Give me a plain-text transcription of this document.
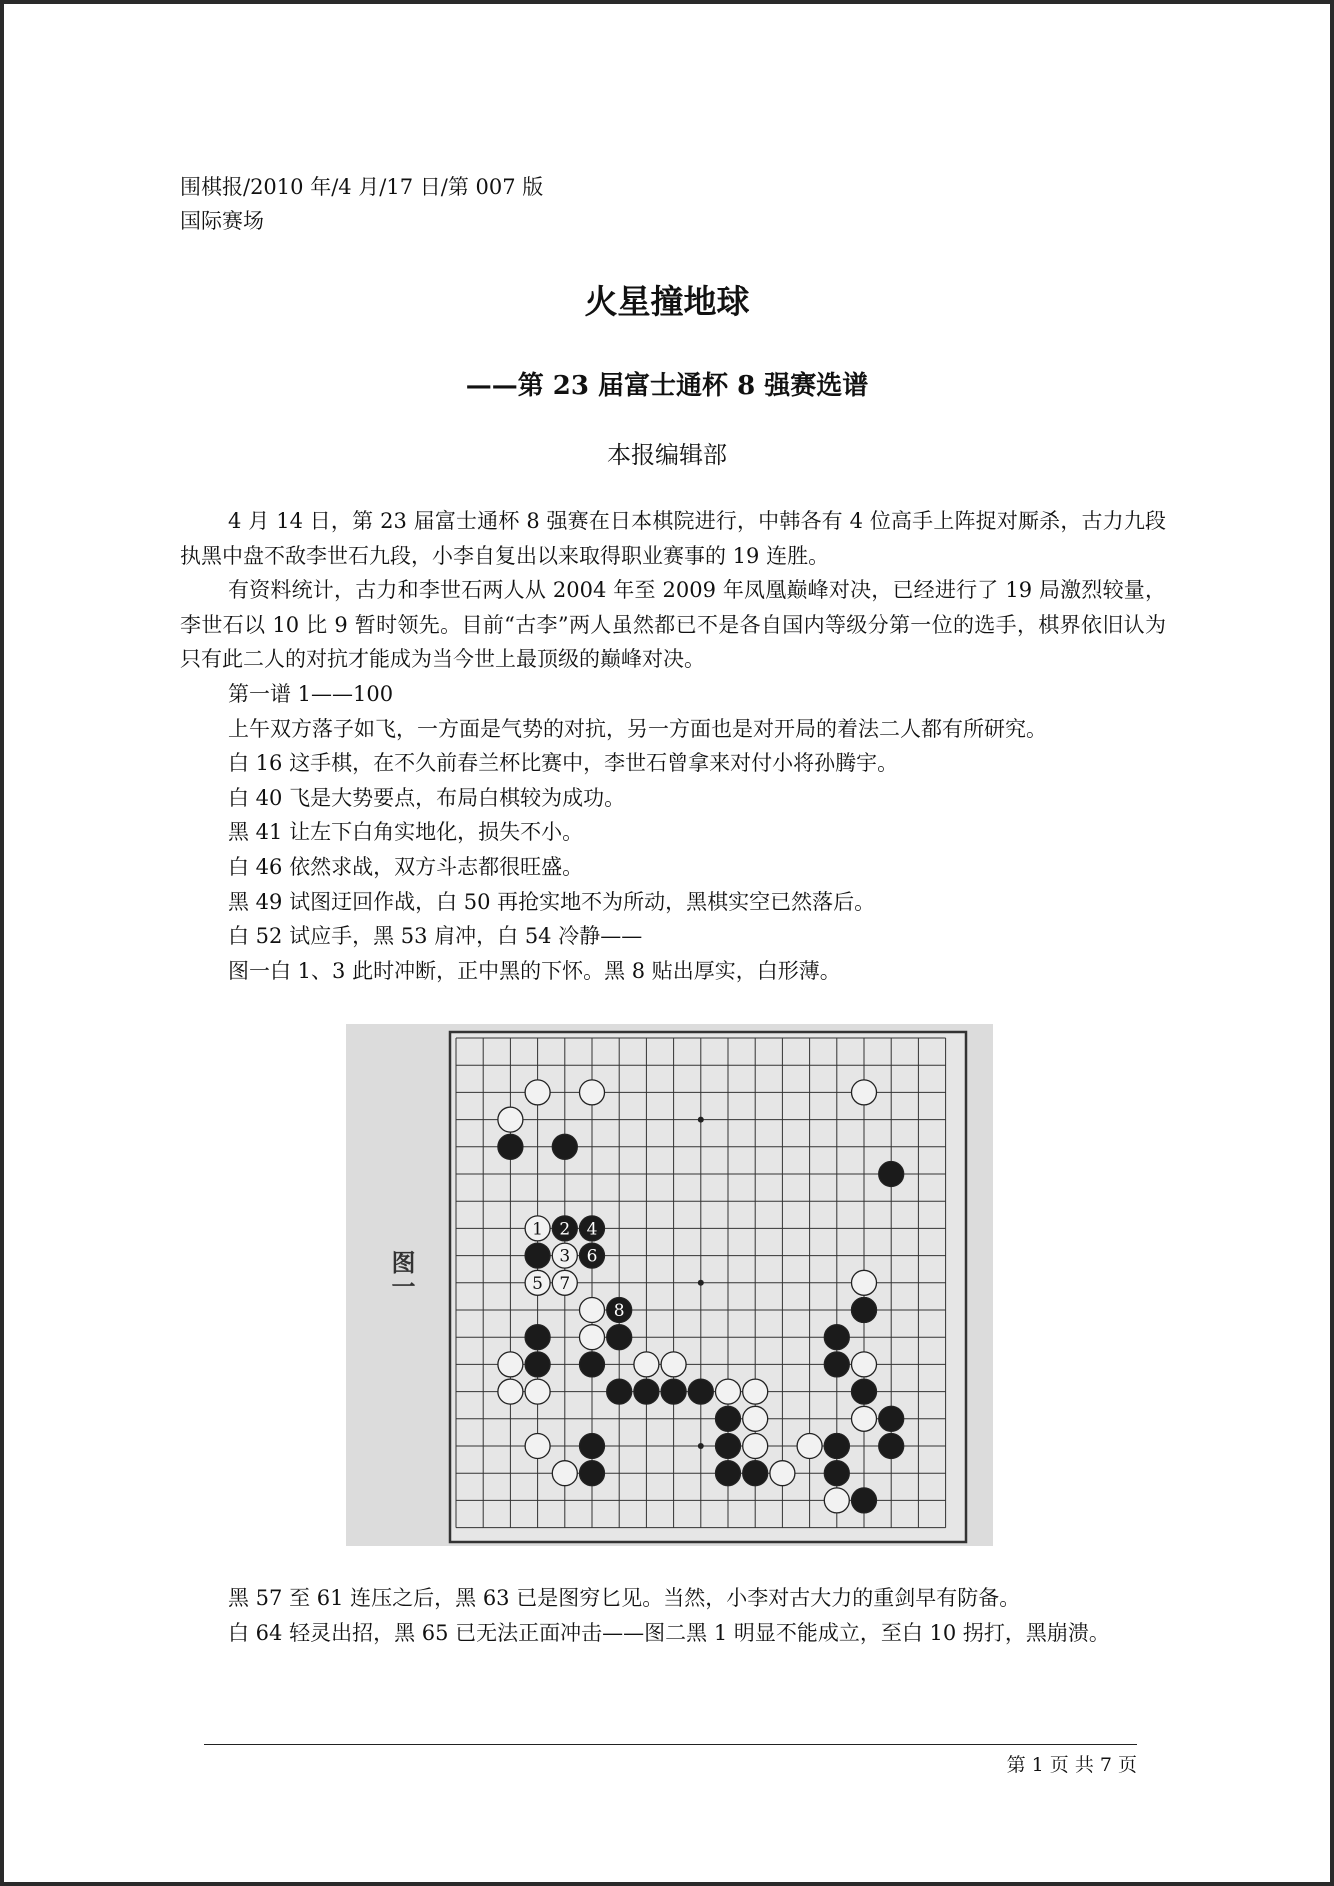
围棋报/2010 年/4 月/17 日/第 007 版
国际赛场
火星撞地球
——第 23 届富士通杯 8 强赛选谱
本报编辑部

4 月 14 日，第 23 届富士通杯 8 强赛在日本棋院进行，中韩各有 4 位高手上阵捉对厮杀，古力九段执黑中盘不敌李世石九段，小李自复出以来取得职业赛事的 19 连胜。

有资料统计，古力和李世石两人从 2004 年至 2009 年凤凰巅峰对决，已经进行了 19 局激烈较量，李世石以 10 比 9 暂时领先。目前“古李”两人虽然都已不是各自国内等级分第一位的选手，棋界依旧认为只有此二人的对抗才能成为当今世上最顶级的巅峰对决。

第一谱 1——100

上午双方落子如飞，一方面是气势的对抗，另一方面也是对开局的着法二人都有所研究。

白 16 这手棋，在不久前春兰杯比赛中，李世石曾拿来对付小将孙腾宇。

白 40 飞是大势要点，布局白棋较为成功。

黑 41 让左下白角实地化，损失不小。

白 46 依然求战，双方斗志都很旺盛。

黑 49 试图迂回作战，白 50 再抢实地不为所动，黑棋实空已然落后。

白 52 试应手，黑 53 肩冲，白 54 冷静——

图一白 1、3 此时冲断，正中黑的下怀。黑 8 贴出厚实，白形薄。

图一
1 2
3
4
5
6
7
8

黑 57 至 61 连压之后，黑 63 已是图穷匕见。当然，小李对古大力的重剑早有防备。

白 64 轻灵出招，黑 65 已无法正面冲击——图二黑 1 明显不能成立，至白 10 拐打，黑崩溃。

第 1 页 共 7 页
